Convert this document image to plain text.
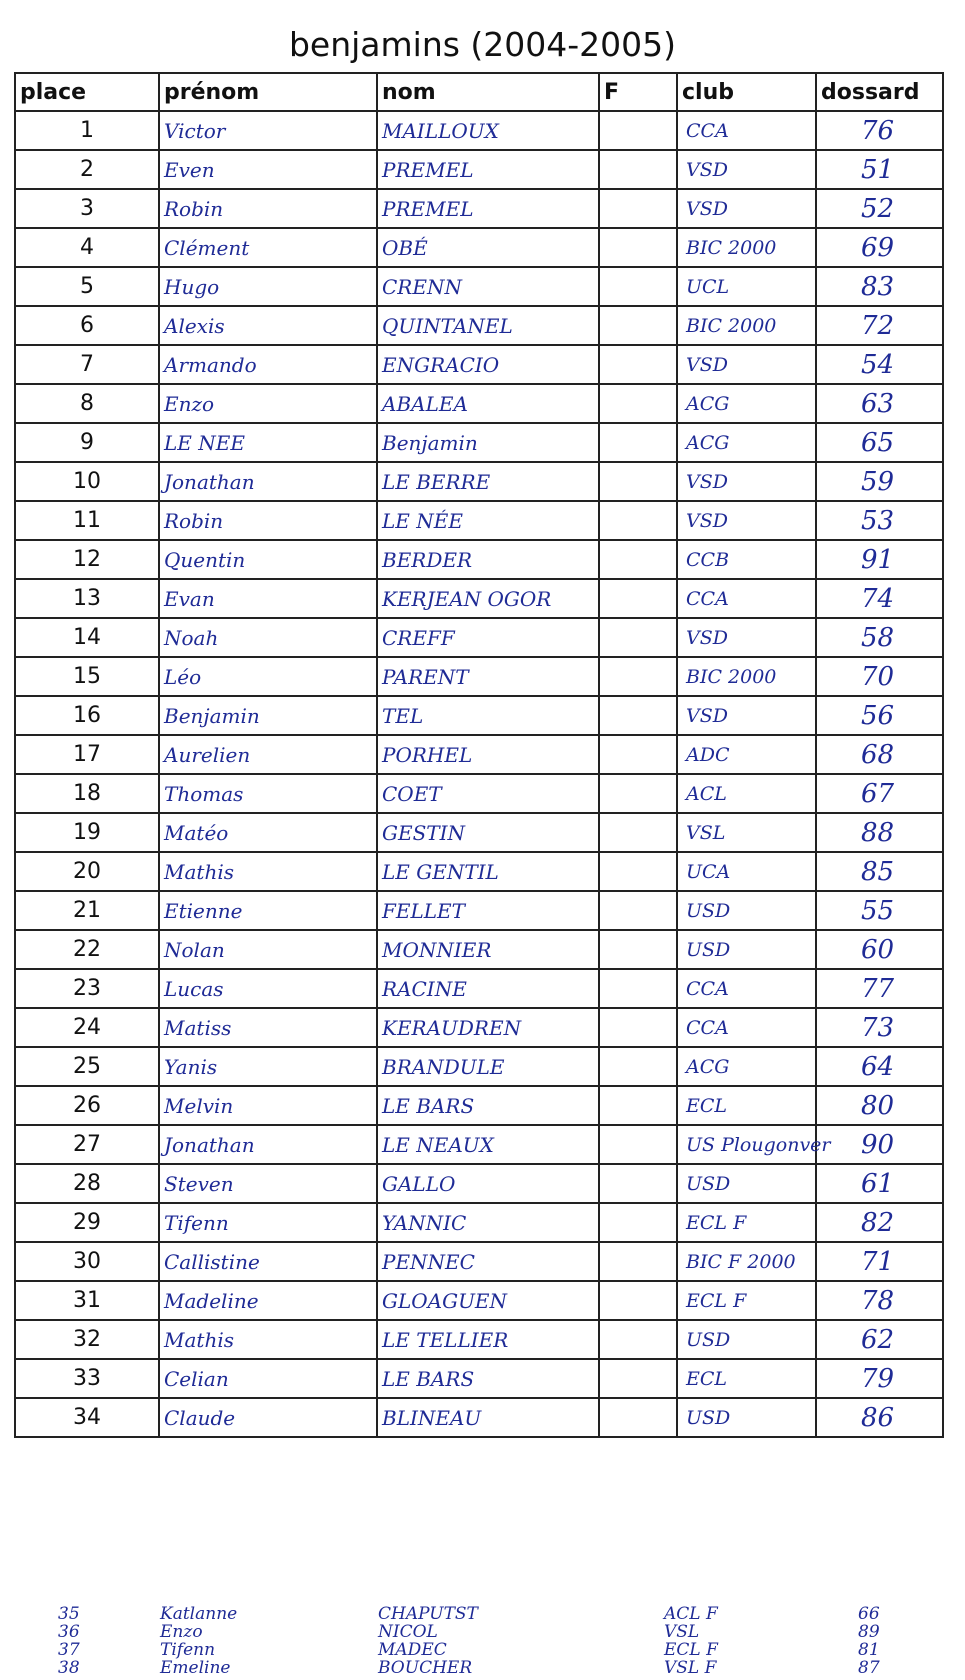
benjamins (2004-2005)
place	prénom	nom	F	club	dossard
1	Victor	MAILLOUX		CCA	76
2	Even	PREMEL		VSD	51
3	Robin	PREMEL		VSD	52
4	Clément	OBÉ		BIC 2000	69
5	Hugo	CRENN		UCL	83
6	Alexis	QUINTANEL		BIC 2000	72
7	Armando	ENGRACIO		VSD	54
8	Enzo	ABALEA		ACG	63
9	LE NEE	Benjamin		ACG	65
10	Jonathan	LE BERRE		VSD	59
11	Robin	LE NÉE		VSD	53
12	Quentin	BERDER		CCB	91
13	Evan	KERJEAN OGOR		CCA	74
14	Noah	CREFF		VSD	58
15	Léo	PARENT		BIC 2000	70
16	Benjamin	TEL		VSD	56
17	Aurelien	PORHEL		ADC	68
18	Thomas	COET		ACL	67
19	Matéo	GESTIN		VSL	88
20	Mathis	LE GENTIL		UCA	85
21	Etienne	FELLET		USD	55
22	Nolan	MONNIER		USD	60
23	Lucas	RACINE		CCA	77
24	Matiss	KERAUDREN		CCA	73
25	Yanis	BRANDULE		ACG	64
26	Melvin	LE BARS		ECL	80
27	Jonathan	LE NEAUX		US Plougonver	90
28	Steven	GALLO		USD	61
29	Tifenn	YANNIC		ECL F	82
30	Callistine	PENNEC		BIC F 2000	71
31	Madeline	GLOAGUEN		ECL F	78
32	Mathis	LE TELLIER		USD	62
33	Celian	LE BARS		ECL	79
34	Claude	BLINEAU		USD	86
35	Katlanne	CHAPUTST	ACL F	66
36	Enzo	NICOL	VSL	89
37	Tifenn	MADEC	ECL F	81
38	Emeline	BOUCHER	VSL F	87
